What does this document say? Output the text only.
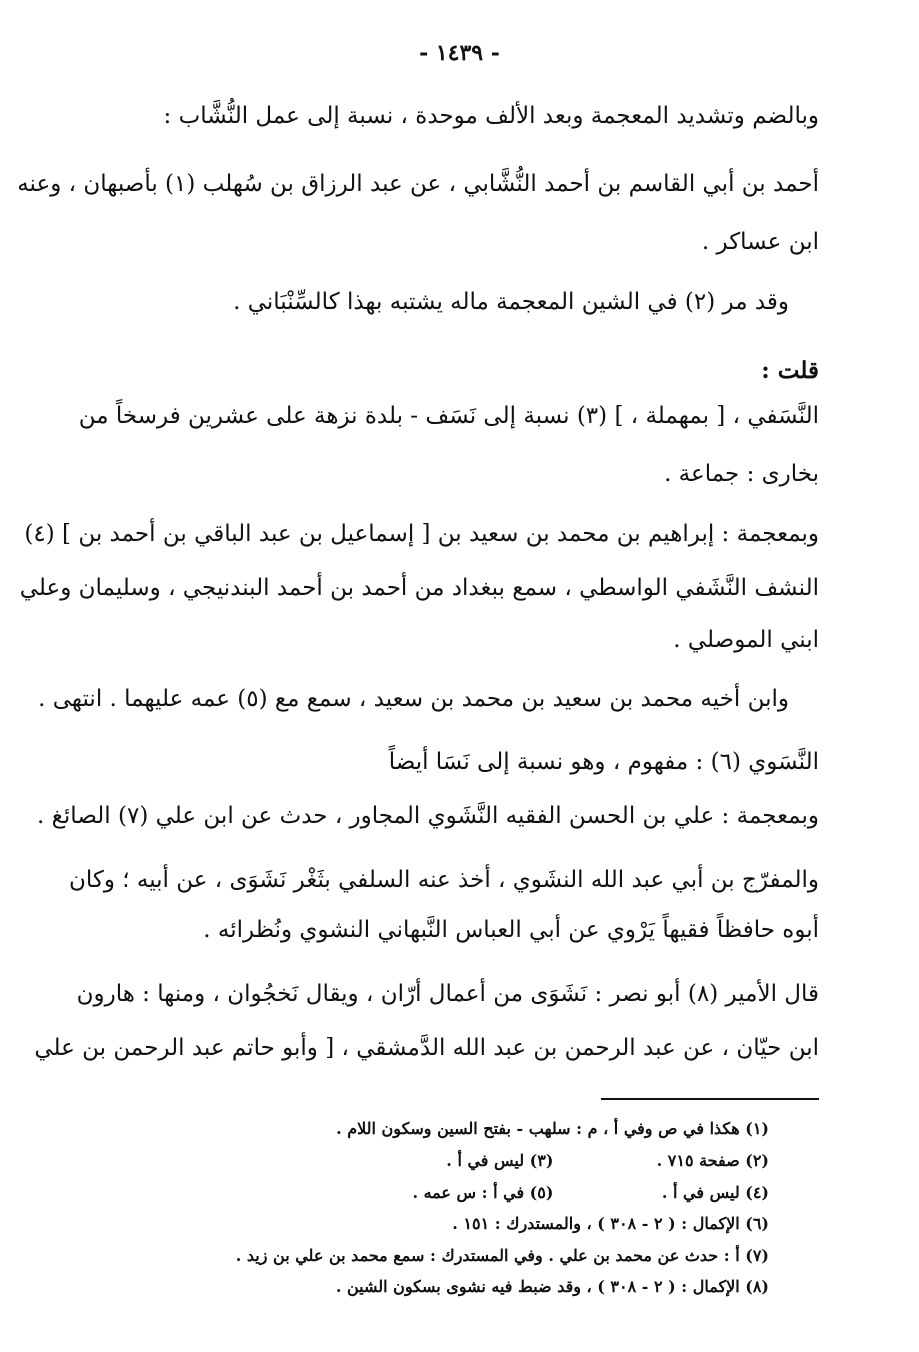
- ١٤٣٩ -
وبالضم وتشديد المعجمة وبعد الألف موحدة ، نسبة إلى عمل النُّشَّاب :
أحمد بن أبي القاسم بن أحمد النُّشَّابي ، عن عبد الرزاق بن سُهلب (١) بأصبهان ، وعنه
ابن عساكر .
وقد مر (٢) في الشين المعجمة ماله يشتبه بهذا كالسِّنْبَاني .
قلت :
النَّسَفي ، [ بمهملة ، ] (٣) نسبة إلى نَسَف - بلدة نزهة على عشرين فرسخاً من
بخارى : جماعة .
وبمعجمة : إبراهيم بن محمد بن سعيد بن [ إسماعيل بن عبد الباقي بن أحمد بن ] (٤)
النشف النَّشَفي الواسطي ، سمع ببغداد من أحمد بن أحمد البندنيجي ، وسليمان وعلي
ابني الموصلي .
وابن أخيه محمد بن سعيد بن محمد بن سعيد ، سمع مع (٥) عمه عليهما . انتهى .
النَّسَوي (٦) : مفهوم ، وهو نسبة إلى نَسَا أيضاً
وبمعجمة : علي بن الحسن الفقيه النَّشَوي المجاور ، حدث عن ابن علي (٧) الصائغ .
والمفرّج بن أبي عبد الله النشَوي ، أخذ عنه السلفي بثَغْر نَشَوَى ، عن أبيه ؛ وكان
أبوه حافظاً فقيهاً يَرْوي عن أبي العباس النَّبهاني النشوي ونُظرائه .
قال الأمير (٨) أبو نصر : نَشَوَى من أعمال أرّان ، ويقال نَخجُوان ، ومنها : هارون
ابن حيّان ، عن عبد الرحمن بن عبد الله الدَّمشقي ، [ وأبو حاتم عبد الرحمن بن علي
(١) هكذا في ص وفي أ ، م : سلهب - بفتح السين وسكون اللام .
(٢) صفحة ٧١٥ . (٣) ليس في أ .
(٤) ليس في أ . (٥) في أ : س عمه .
(٦) الإكمال : ( ٢ - ٣٠٨ ) ، والمستدرك : ١٥١ .
(٧) أ : حدث عن محمد بن علي . وفي المستدرك : سمع محمد بن علي بن زيد .
(٨) الإكمال : ( ٢ - ٣٠٨ ) ، وقد ضبط فيه نشوى بسكون الشين .
